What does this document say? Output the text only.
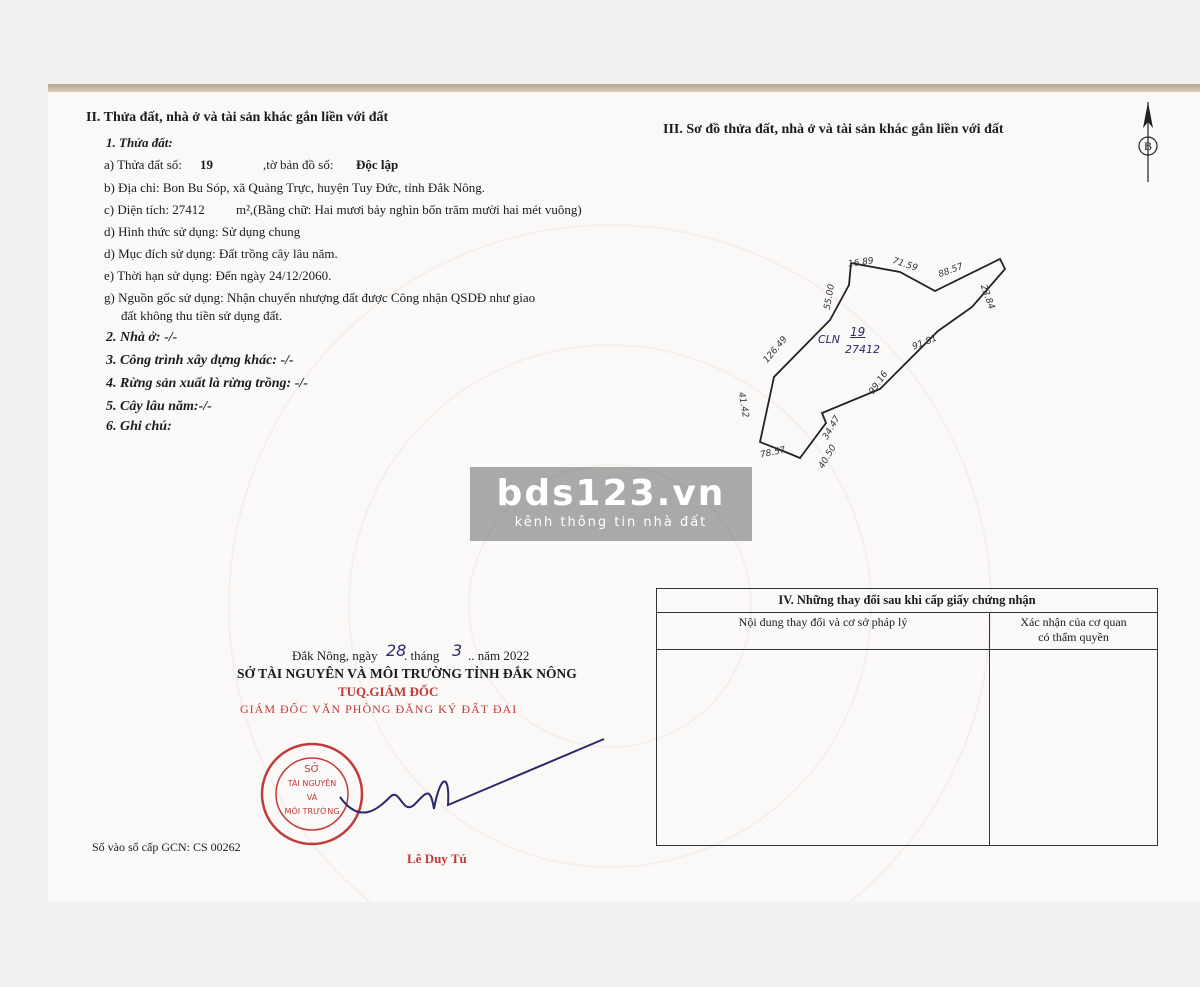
II. Thửa đất, nhà ở và tài sản khác gắn liền với đất
1. Thửa đất:
a) Thửa đất số: 19	,tờ bản đồ số: Độc lập
b) Địa chỉ: Bon Bu Sóp, xã Quảng Trực, huyện Tuy Đức, tỉnh Đắk Nông.
c) Diện tích: 27412 m²,(Bằng chữ: Hai mươi bảy nghìn bốn trăm mười hai mét vuông)
d) Hình thức sử dụng: Sử dụng chung
d) Mục đích sử dụng: Đất trồng cây lâu năm.
e) Thời hạn sử dụng: Đến ngày 24/12/2060.
g) Nguồn gốc sử dụng: Nhận chuyển nhượng đất được Công nhận QSDĐ như giao
đất không thu tiền sử dụng đất.
2. Nhà ở: -/-
3. Công trình xây dựng khác: -/-
4. Rừng sản xuất là rừng trồng: -/-
5. Cây lâu năm:-/-
6. Ghi chú:
Đắk Nông, ngày 28
. tháng 3 .. năm 2022
SỞ TÀI NGUYÊN VÀ MÔI TRƯỜNG TỈNH ĐẮK NÔNG
TUQ.GIÁM ĐỐC
GIÁM ĐỐC VĂN PHÒNG ĐĂNG KÝ ĐẤT ĐAI
SỞ
TÀI NGUYÊN
VÀ
MÔI TRƯỜNG
Lê Duy Tú
Số vào sổ cấp GCN: CS 00262
III. Sơ đồ thửa đất, nhà ở và tài sản khác gắn liền với đất
B
CLN
19
27412
16.89 71.59 88.57
55.00
126.49
23.84
91.81
99.16
41.42
34.47
78.57	40.50
IV. Những thay đổi sau khi cấp giấy chứng nhận	
Nội dung thay đổi và cơ sở pháp lý	Xác nhận của cơ quan
có thẩm quyền

bds123.vn
kênh thông tin nhà đất
